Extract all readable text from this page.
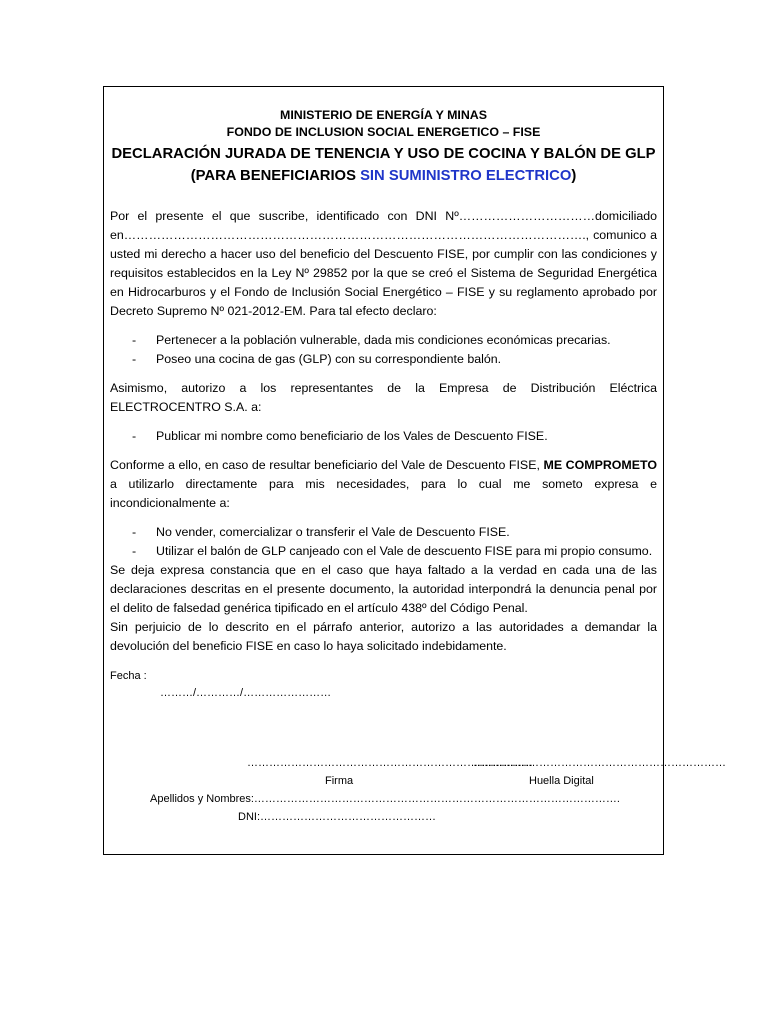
MINISTERIO DE ENERGÍA Y MINAS
FONDO DE INCLUSION SOCIAL ENERGETICO – FISE
DECLARACIÓN JURADA DE TENENCIA Y USO DE COCINA Y BALÓN DE GLP
(PARA BENEFICIARIOS SIN SUMINISTRO ELECTRICO)

Por el presente el que suscribe, identificado con DNI Nº……………………………domiciliado en…………………………………………………………………………………………………., comunico a usted mi derecho a hacer uso del beneficio del Descuento FISE, por cumplir con las condiciones y requisitos establecidos en la Ley Nº 29852 por la que se creó el Sistema de Seguridad Energética en Hidrocarburos y el Fondo de Inclusión Social Energético – FISE y su reglamento aprobado por Decreto Supremo Nº 021-2012-EM. Para tal efecto declaro:

- Pertenecer a la población vulnerable, dada mis condiciones económicas precarias.
- Poseo una cocina de gas (GLP) con su correspondiente balón.

Asimismo, autorizo a los representantes de la Empresa de Distribución Eléctrica ELECTROCENTRO S.A. a:

- Publicar mi nombre como beneficiario de los Vales de Descuento FISE.

Conforme a ello, en caso de resultar beneficiario del Vale de Descuento FISE, ME COMPROMETO a utilizarlo directamente para mis necesidades, para lo cual me someto expresa e incondicionalmente a:

- No vender, comercializar o transferir el Vale de Descuento FISE.
- Utilizar el balón de GLP canjeado con el Vale de descuento FISE para mi propio consumo.

Se deja expresa constancia que en el caso que haya faltado a la verdad en cada una de las declaraciones descritas en el presente documento, la autoridad interpondrá la denuncia penal por el delito de falsedad genérica tipificado en el artículo 438º del Código Penal.

Sin perjuicio de lo descrito en el párrafo anterior, autorizo a las autoridades a demandar la devolución del beneficio FISE en caso lo haya solicitado indebidamente.

Fecha :
………/…………/……………………
……………………………………………………………………
……………………………………………………………
Firma	Huella Digital
Apellidos y Nombres:……………………………………………………………………………………….
DNI:…………………………………………
